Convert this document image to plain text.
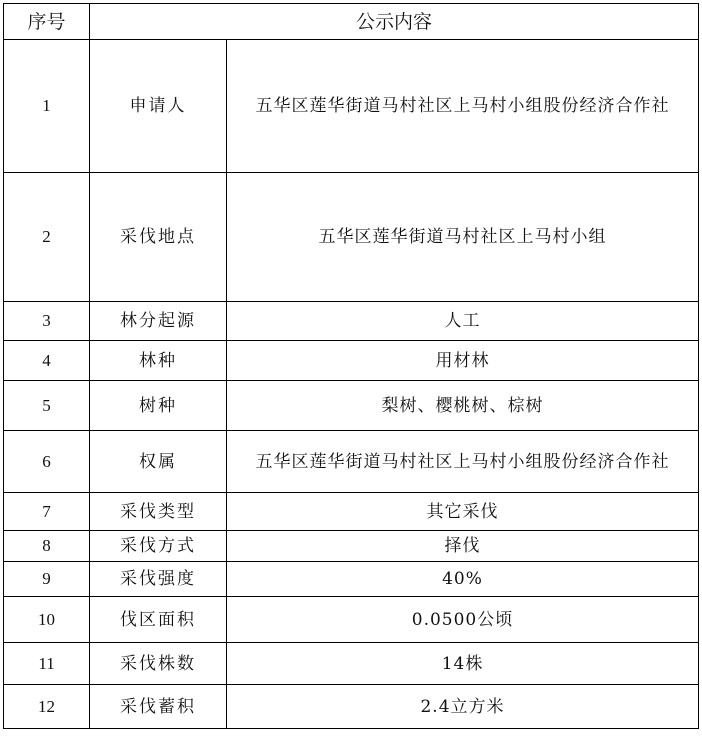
序号	公示内容	
1	申请人	五华区莲华街道马村社区上马村小组股份经济合作社
2	采伐地点	五华区莲华街道马村社区上马村小组
3	林分起源	人工
4	林种	用材林
5	树种	梨树、樱桃树、棕树
6	权属	五华区莲华街道马村社区上马村小组股份经济合作社
7	采伐类型	其它采伐
8	采伐方式	择伐
9	采伐强度	40%
10	伐区面积	0.0500公顷
11	采伐株数	14株
12	采伐蓄积	2.4立方米
